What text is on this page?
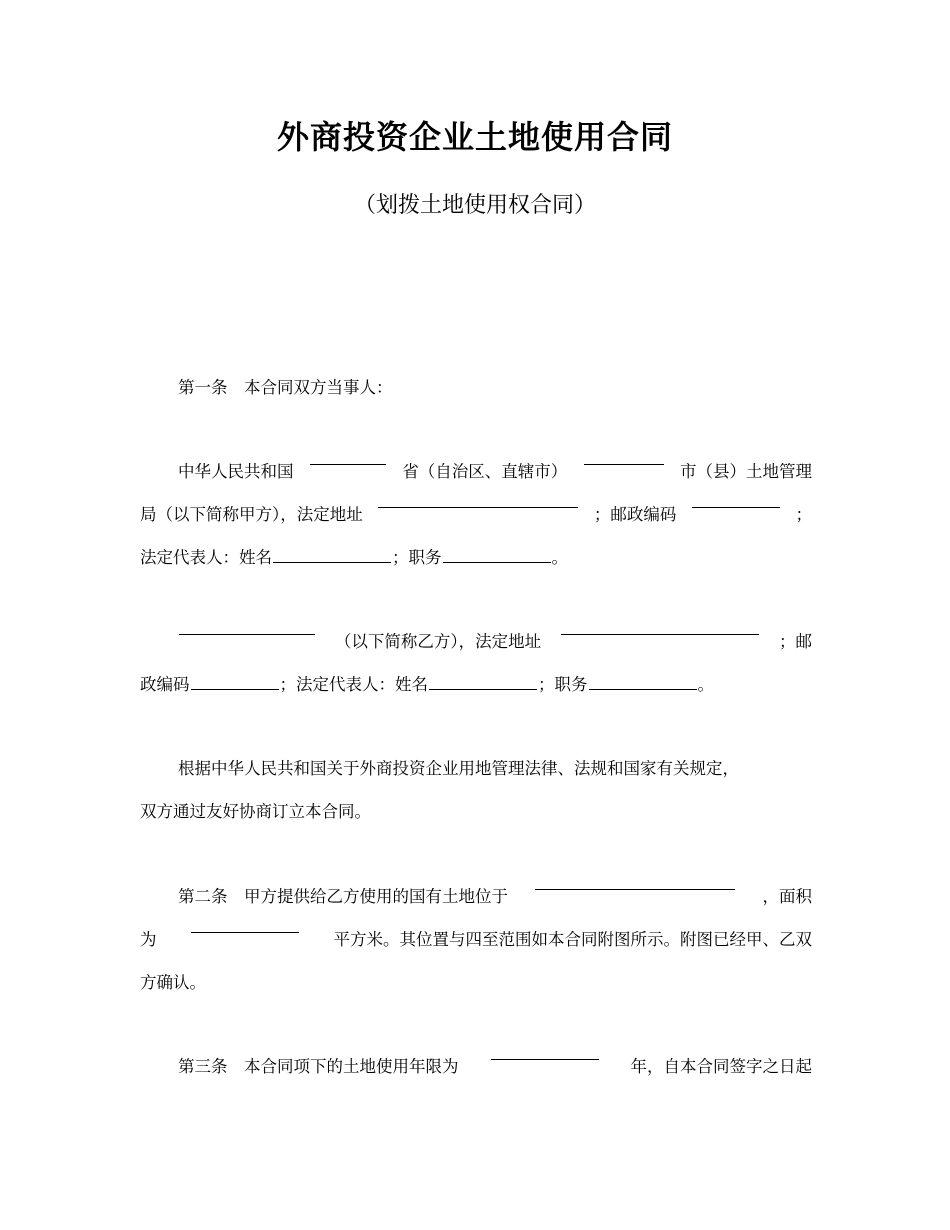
外商投资企业土地使用合同
（划拨土地使用权合同）
第一条　本合同双方当事人：
中华人民共和国	省（自治区、直辖市）	市（县）土地管理
局（以下简称甲方），法定地址	；邮政编码	；
法定代表人：姓名	；职务	。
（以下简称乙方），法定地址	；邮
政编码	；法定代表人：姓名	；职务	。
根据中华人民共和国关于外商投资企业用地管理法律、法规和国家有关规定，
双方通过友好协商订立本合同。
第二条　甲方提供给乙方使用的国有土地位于	，面积
为	平方米。其位置与四至范围如本合同附图所示。附图已经甲、乙双
方确认。
第三条　本合同项下的土地使用年限为	年，自本合同签字之日起
